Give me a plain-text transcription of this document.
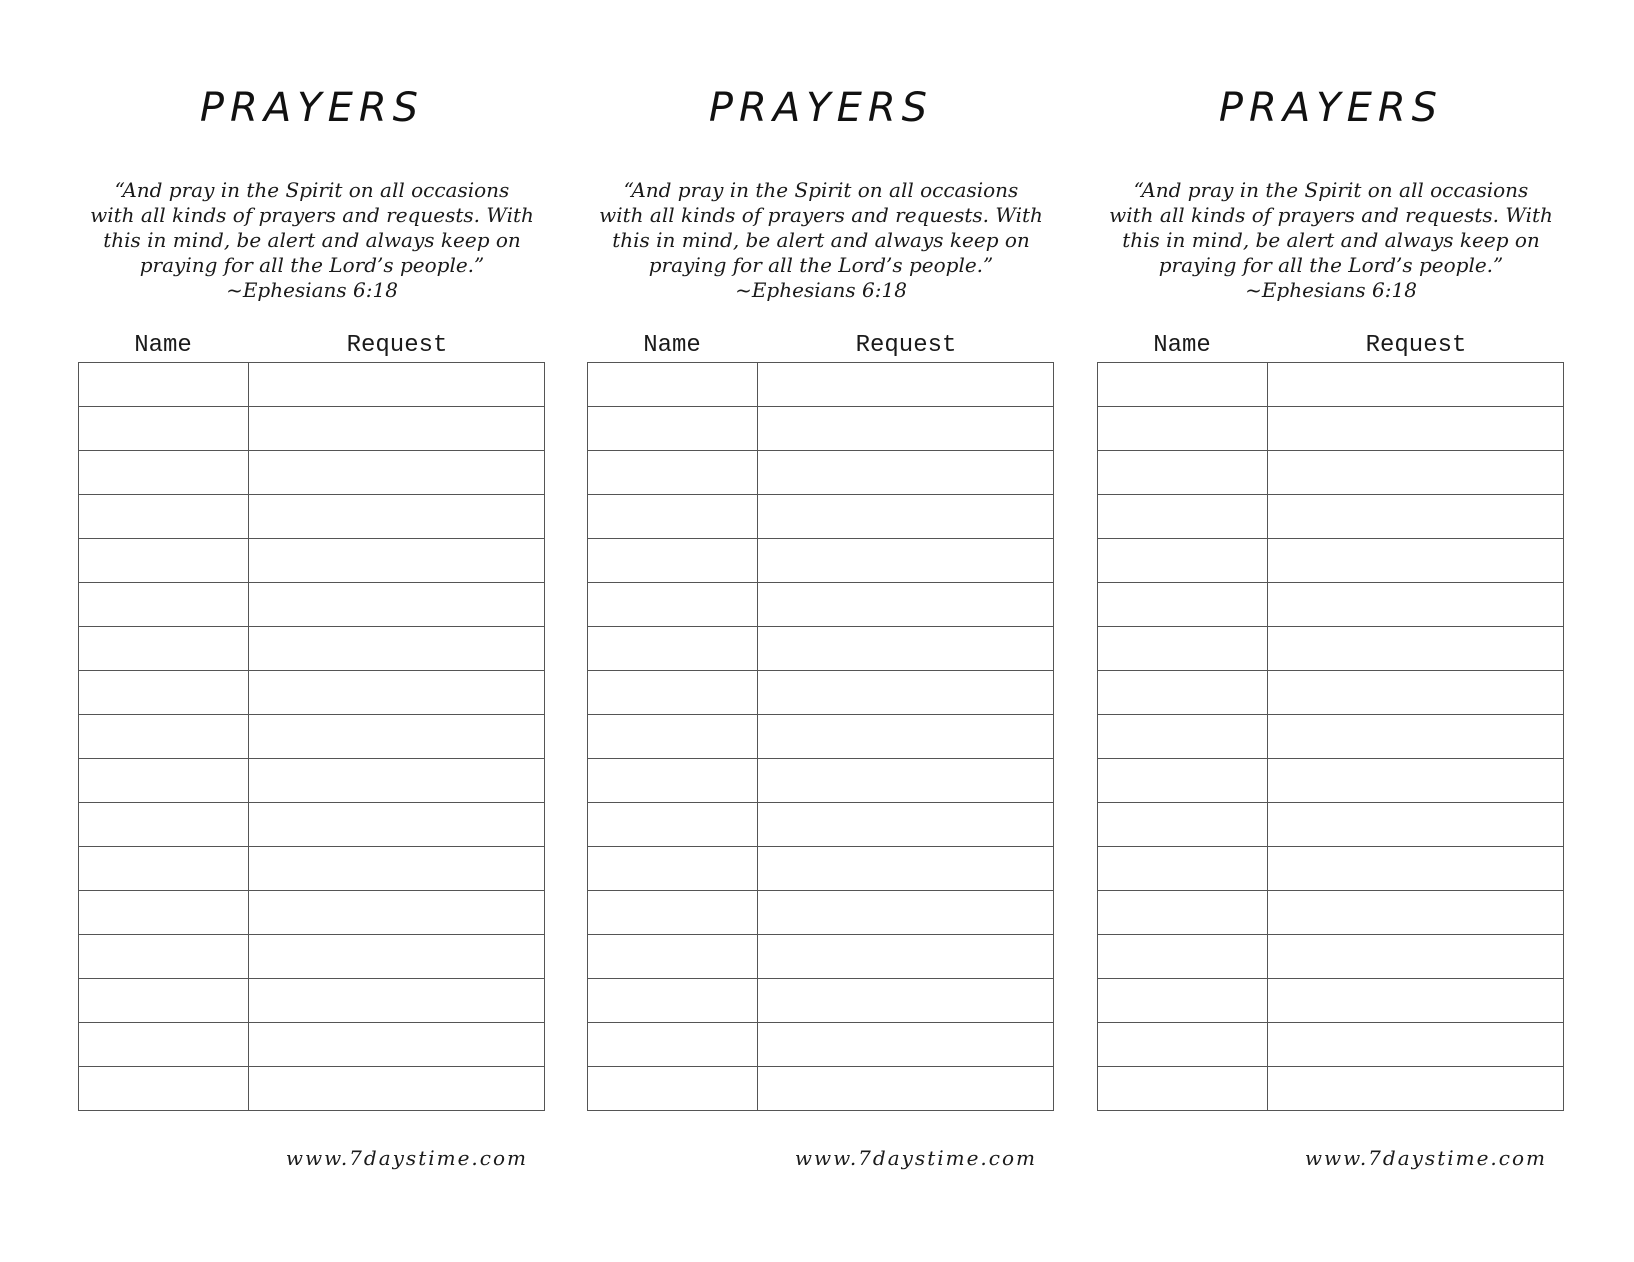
PRAYERS
“And pray in the Spirit on all occasions
with all kinds of prayers and requests. With
this in mind, be alert and always keep on
praying for all the Lord’s people.”
~Ephesians 6:18
Name	Request

www.7daystime.com
PRAYERS
“And pray in the Spirit on all occasions
with all kinds of prayers and requests. With
this in mind, be alert and always keep on
praying for all the Lord’s people.”
~Ephesians 6:18
Name	Request

www.7daystime.com
PRAYERS
“And pray in the Spirit on all occasions
with all kinds of prayers and requests. With
this in mind, be alert and always keep on
praying for all the Lord’s people.”
~Ephesians 6:18
Name	Request

www.7daystime.com
